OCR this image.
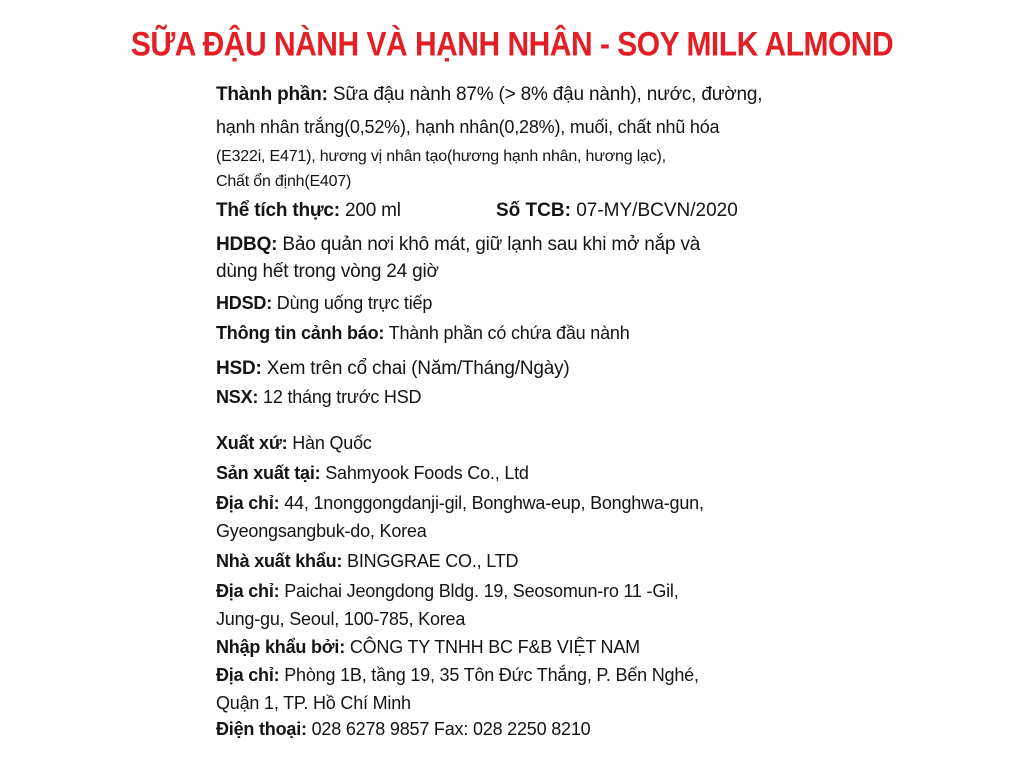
SỮA ĐẬU NÀNH VÀ HẠNH NHÂN - SOY MILK ALMOND
Thành phần: Sữa đậu nành 87% (> 8% đậu nành), nước, đường,
hạnh nhân trắng(0,52%), hạnh nhân(0,28%), muối, chất nhũ hóa
(E322i, E471), hương vị nhân tạo(hương hạnh nhân, hương lạc),
Chất ổn định(E407)
Thể tích thực: 200 ml	Số TCB: 07-MY/BCVN/2020
HDBQ: Bảo quản nơi khô mát, giữ lạnh sau khi mở nắp và
dùng hết trong vòng 24 giờ
HDSD: Dùng uống trực tiếp
Thông tin cảnh báo: Thành phần có chứa đầu nành
HSD: Xem trên cổ chai (Năm/Tháng/Ngày)
NSX: 12 tháng trước HSD
Xuất xứ: Hàn Quốc
Sản xuất tại: Sahmyook Foods Co., Ltd
Địa chỉ: 44, 1nonggongdanji-gil, Bonghwa-eup, Bonghwa-gun,
Gyeongsangbuk-do, Korea
Nhà xuất khẩu: BINGGRAE CO., LTD
Địa chỉ: Paichai Jeongdong Bldg. 19, Seosomun-ro 11 -Gil,
Jung-gu, Seoul, 100-785, Korea
Nhập khẩu bởi: CÔNG TY TNHH BC F&B VIỆT NAM
Địa chỉ: Phòng 1B, tầng 19, 35 Tôn Đức Thắng, P. Bến Nghé,
Quận 1, TP. Hồ Chí Minh
Điện thoại: 028 6278 9857 Fax: 028 2250 8210
